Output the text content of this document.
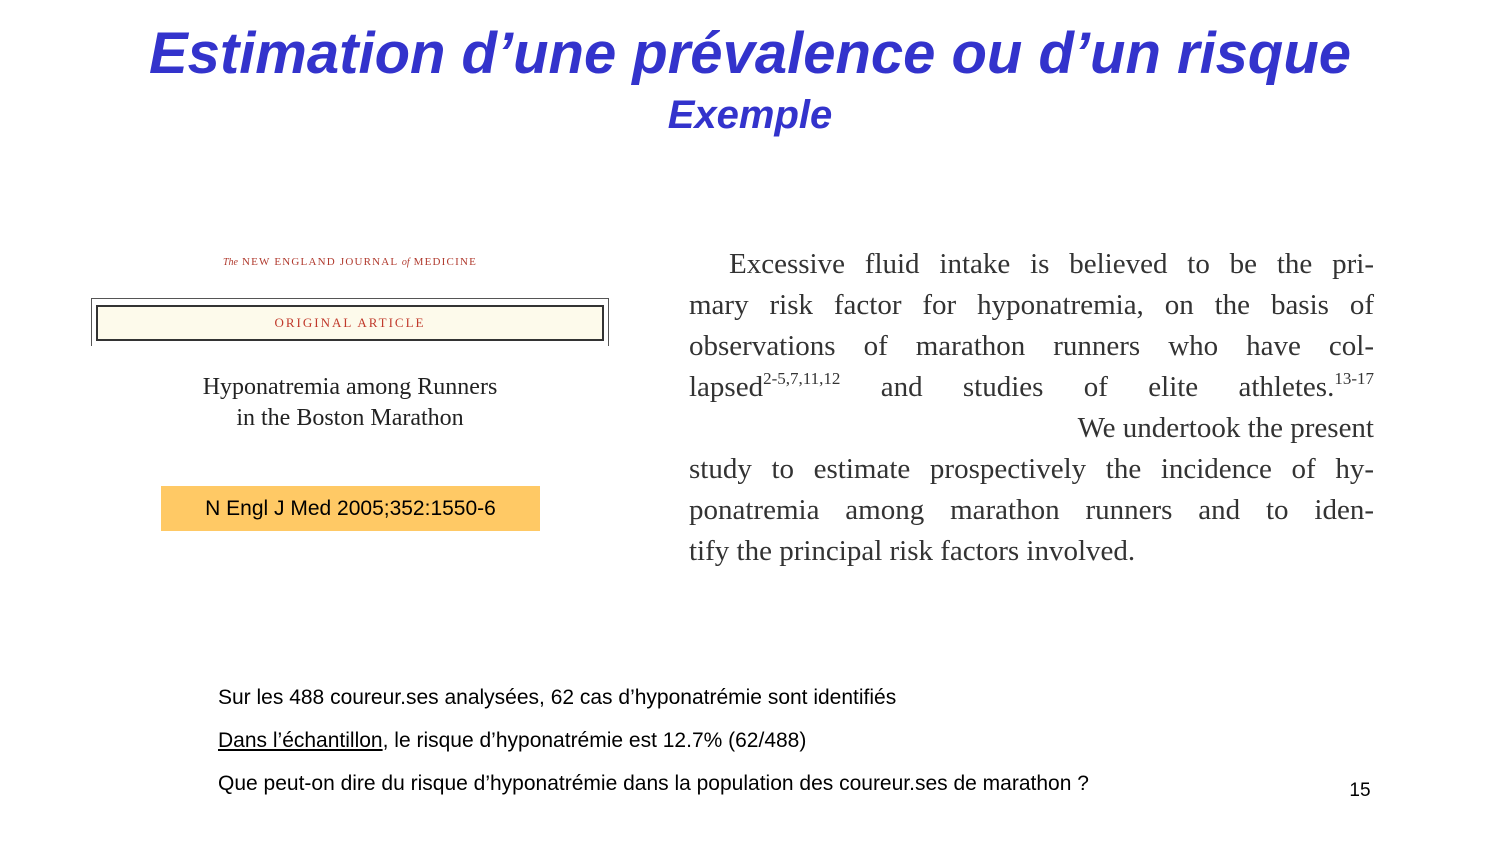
Estimation d’une prévalence ou d’un risque
Exemple
The NEW ENGLAND JOURNAL of MEDICINE
ORIGINAL ARTICLE
Hyponatremia among Runners
in the Boston Marathon
N Engl J Med 2005;352:1550-6
Excessive fluid intake is believed to be the pri-
mary risk factor for hyponatremia, on the basis of
observations of marathon runners who have col-
lapsed$^{2-5,7,11,12}$ and studies of elite athletes.$^{13-17}$
We undertook the present
study to estimate prospectively the incidence of hy-
ponatremia among marathon runners and to iden-
tify the principal risk factors involved.
Sur les 488 coureur.ses analysées, 62 cas d’hyponatrémie sont identifiés
Dans l’échantillon, le risque d’hyponatrémie est 12.7% (62/488)
Que peut-on dire du risque d’hyponatrémie dans la population des coureur.ses de marathon ?	15
